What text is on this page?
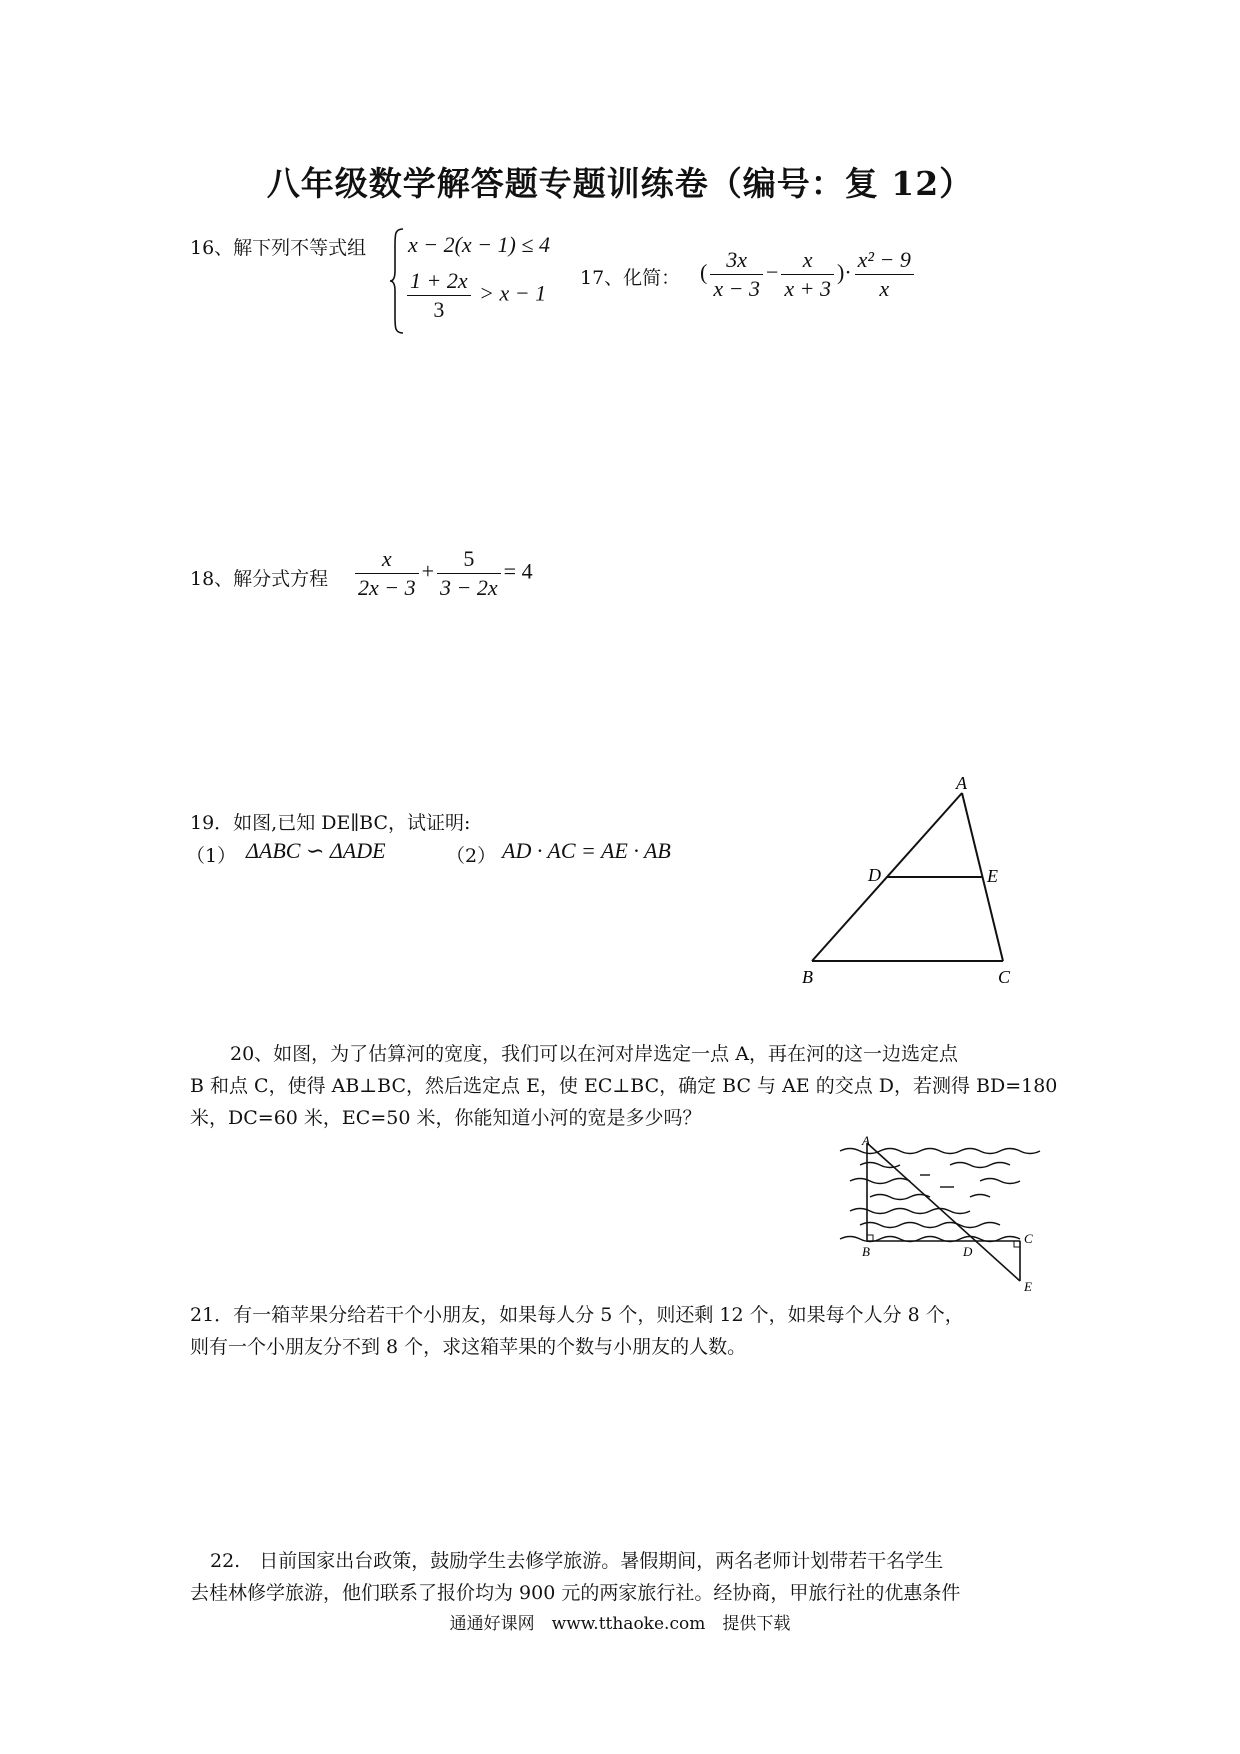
八年级数学解答题专题训练卷（编号：复 12）
16、解下列不等式组 x − 2(x − 1) ≤ 4
$\frac{1 + 2x}{3} > x - 1$
17、化简： ( $\frac{3x}{x - 3} - \frac{x}{x + 3}$ )· $\frac{\text{x² − 9}}{x}$
18、解分式方程 $\frac{x}{2x - 3} + \frac{5}{3 - 2x} = 4$
19．如图,已知 DE∥BC，试证明:
（1） ΔABC ∽ ΔADE	（2） AD · AC = AE · AB
A
D	E
B	C
20、如图，为了估算河的宽度，我们可以在河对岸选定一点 A，再在河的这一边选定点
B 和点 C，使得 AB⊥BC，然后选定点 E，使 EC⊥BC，确定 BC 与 AE 的交点 D，若测得 BD=180
米，DC=60 米，EC=50 米，你能知道小河的宽是多少吗？
A
B	D
C
E
21．有一箱苹果分给若干个小朋友，如果每人分 5 个，则还剩 12 个，如果每个人分 8 个，
则有一个小朋友分不到 8 个，求这箱苹果的个数与小朋友的人数。
22.　日前国家出台政策，鼓励学生去修学旅游。暑假期间，两名老师计划带若干名学生
去桂林修学旅游，他们联系了报价均为 900 元的两家旅行社。经协商，甲旅行社的优惠条件
通通好课网　www.tthaoke.com　提供下载
